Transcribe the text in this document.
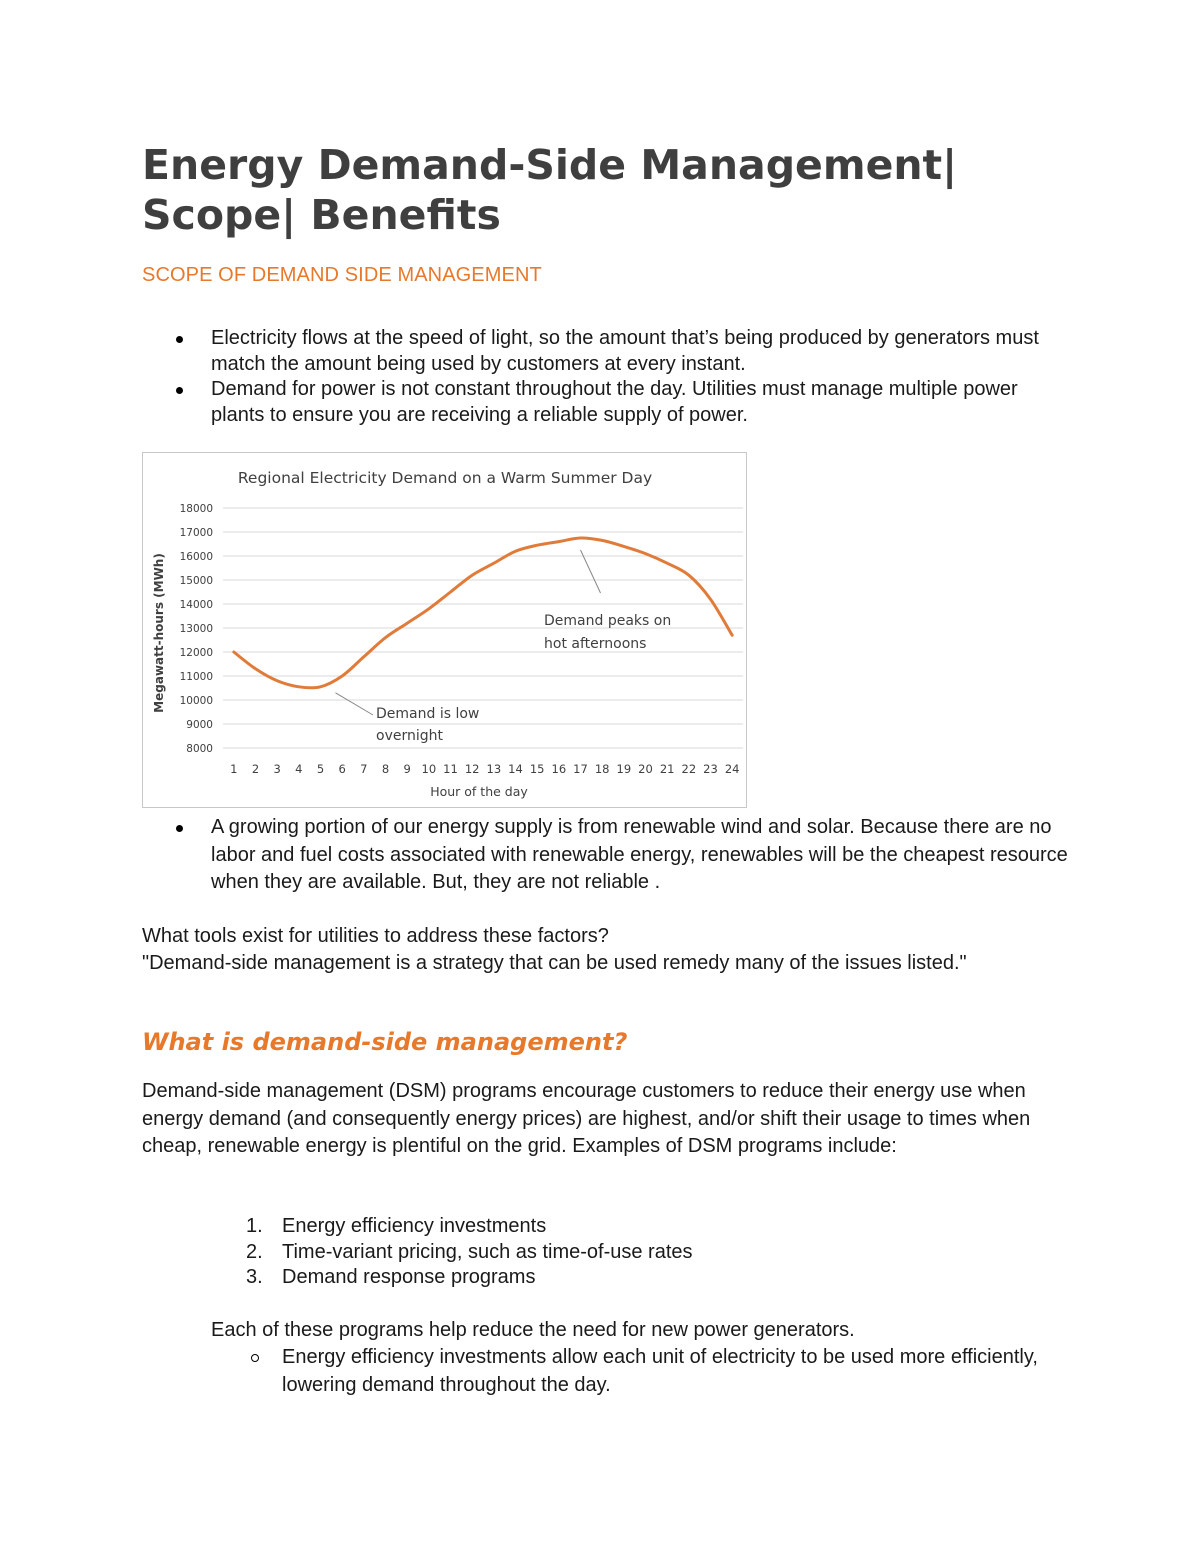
Energy Demand-Side Management| Scope| Benefits

SCOPE OF DEMAND SIDE MANAGEMENT

Electricity flows at the speed of light, so the amount that’s being produced by generators must match the amount being used by customers at every instant.
Demand for power is not constant throughout the day. Utilities must manage multiple power plants to ensure you are receiving a reliable supply of power.
Regional Electricity Demand on a Warm Summer Day
8000
9000
10000
11000
12000
13000
14000
15000
16000
17000
18000
1 2 3 4 5 6 7 8 9 10 11 12 13 14 15 16 17 18 19 20 21 22 23 24
Demand peaks on
hot afternoons
Demand is low
overnight
Hour of the day
Megawatt-hours (MWh)
A growing portion of our energy supply is from renewable wind and solar. Because there are no labor and fuel costs associated with renewable energy, renewables will be the cheapest resource when they are available. But, they are not reliable .

What tools exist for utilities to address these factors?

"Demand-side management is a strategy that can be used remedy many of the issues listed."

What is demand-side management?

Demand-side management (DSM) programs encourage customers to reduce their energy use when energy demand (and consequently energy prices) are highest, and/or shift their usage to times when cheap, renewable energy is plentiful on the grid. Examples of DSM programs include:

1. Energy efficiency investments
2. Time-variant pricing, such as time-of-use rates
3. Demand response programs

Each of these programs help reduce the need for new power generators.

Energy efficiency investments allow each unit of electricity to be used more efficiently, lowering demand throughout the day.
